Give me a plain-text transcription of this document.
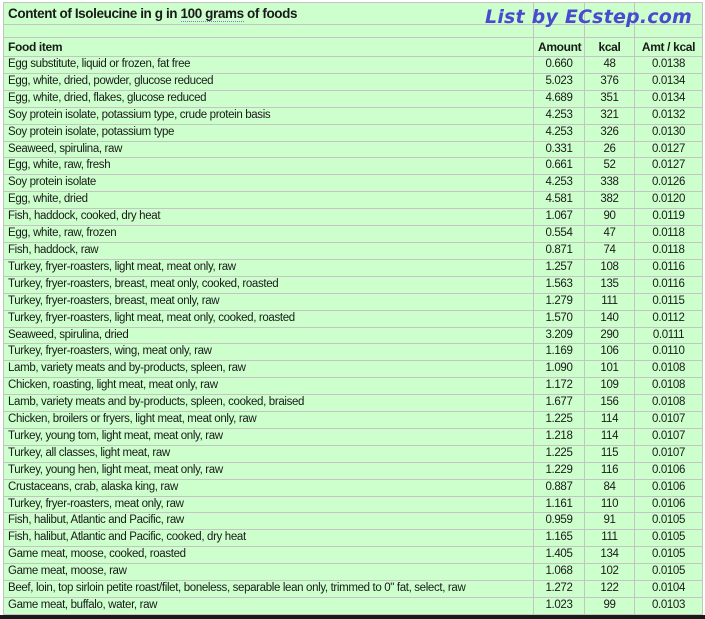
Content of Isoleucine in g in 100 grams of foods			

Food item	Amount	kcal	Amt / kcal
Egg substitute, liquid or frozen, fat free	0.660	48	0.0138
Egg, white, dried, powder, glucose reduced	5.023	376	0.0134
Egg, white, dried, flakes, glucose reduced	4.689	351	0.0134
Soy protein isolate, potassium type, crude protein basis	4.253	321	0.0132
Soy protein isolate, potassium type	4.253	326	0.0130
Seaweed, spirulina, raw	0.331	26	0.0127
Egg, white, raw, fresh	0.661	52	0.0127
Soy protein isolate	4.253	338	0.0126
Egg, white, dried	4.581	382	0.0120
Fish, haddock, cooked, dry heat	1.067	90	0.0119
Egg, white, raw, frozen	0.554	47	0.0118
Fish, haddock, raw	0.871	74	0.0118
Turkey, fryer-roasters, light meat, meat only, raw	1.257	108	0.0116
Turkey, fryer-roasters, breast, meat only, cooked, roasted	1.563	135	0.0116
Turkey, fryer-roasters, breast, meat only, raw	1.279	111	0.0115
Turkey, fryer-roasters, light meat, meat only, cooked, roasted	1.570	140	0.0112
Seaweed, spirulina, dried	3.209	290	0.0111
Turkey, fryer-roasters, wing, meat only, raw	1.169	106	0.0110
Lamb, variety meats and by-products, spleen, raw	1.090	101	0.0108
Chicken, roasting, light meat, meat only, raw	1.172	109	0.0108
Lamb, variety meats and by-products, spleen, cooked, braised	1.677	156	0.0108
Chicken, broilers or fryers, light meat, meat only, raw	1.225	114	0.0107
Turkey, young tom, light meat, meat only, raw	1.218	114	0.0107
Turkey, all classes, light meat, raw	1.225	115	0.0107
Turkey, young hen, light meat, meat only, raw	1.229	116	0.0106
Crustaceans, crab, alaska king, raw	0.887	84	0.0106
Turkey, fryer-roasters, meat only, raw	1.161	110	0.0106
Fish, halibut, Atlantic and Pacific, raw	0.959	91	0.0105
Fish, halibut, Atlantic and Pacific, cooked, dry heat	1.165	111	0.0105
Game meat, moose, cooked, roasted	1.405	134	0.0105
Game meat, moose, raw	1.068	102	0.0105
Beef, loin, top sirloin petite roast/filet, boneless, separable lean only, trimmed to 0" fat, select, raw	1.272	122	0.0104
Game meat, buffalo, water, raw	1.023	99	0.0103
List by ECstep.com
